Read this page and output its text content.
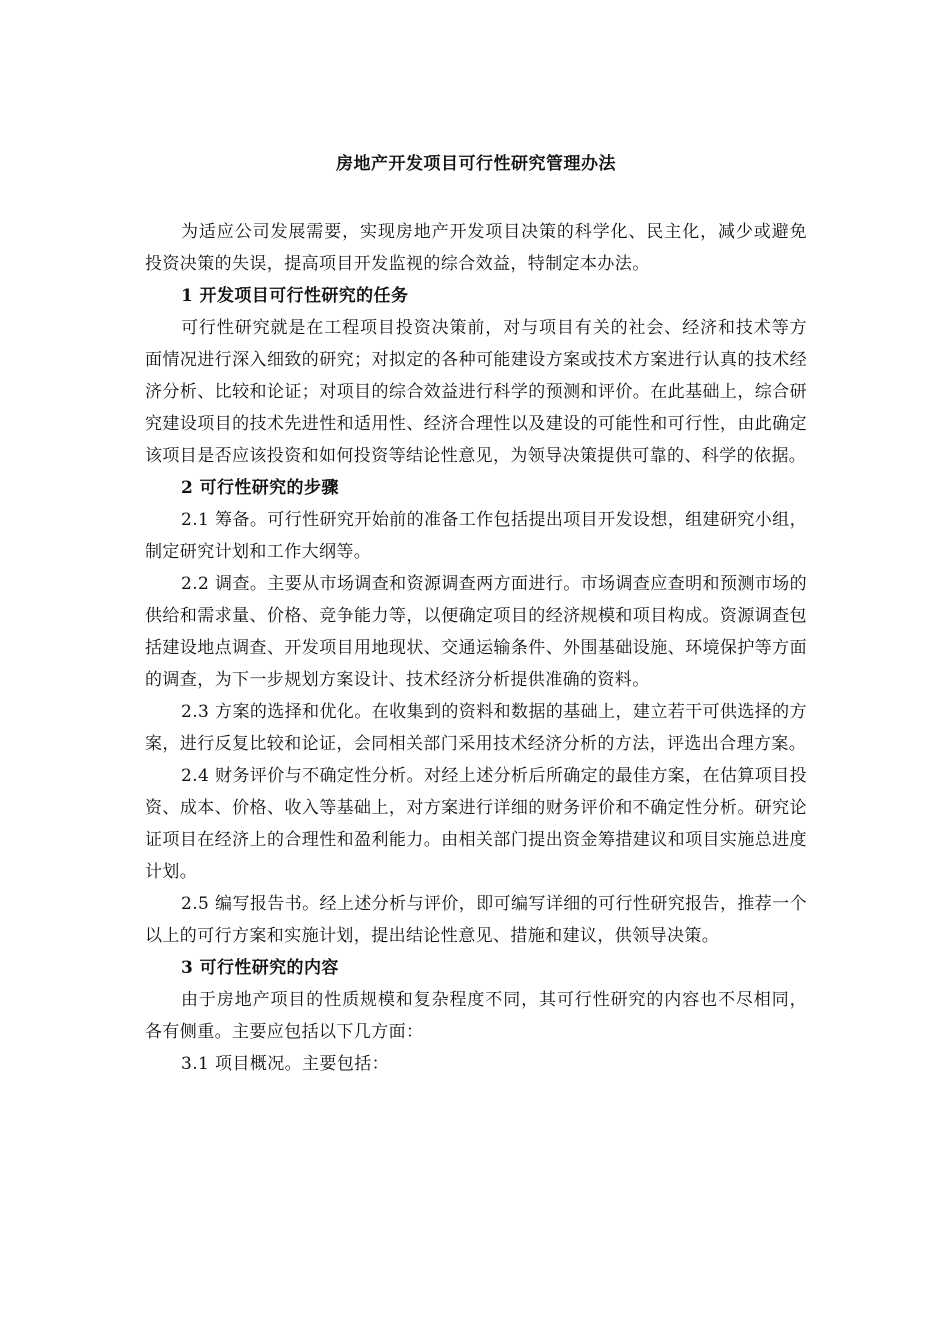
房地产开发项目可行性研究管理办法

为适应公司发展需要，实现房地产开发项目决策的科学化、民主化，减少或避免投资决策的失误，提高项目开发监视的综合效益，特制定本办法。

1 开发项目可行性研究的任务

可行性研究就是在工程项目投资决策前，对与项目有关的社会、经济和技术等方面情况进行深入细致的研究；对拟定的各种可能建设方案或技术方案进行认真的技术经济分析、比较和论证；对项目的综合效益进行科学的预测和评价。在此基础上，综合研究建设项目的技术先进性和适用性、经济合理性以及建设的可能性和可行性，由此确定该项目是否应该投资和如何投资等结论性意见，为领导决策提供可靠的、科学的依据。

2 可行性研究的步骤

2.1 筹备。可行性研究开始前的准备工作包括提出项目开发设想，组建研究小组，制定研究计划和工作大纲等。

2.2 调查。主要从市场调查和资源调查两方面进行。市场调查应查明和预测市场的供给和需求量、价格、竞争能力等，以便确定项目的经济规模和项目构成。资源调查包括建设地点调查、开发项目用地现状、交通运输条件、外围基础设施、环境保护等方面的调查，为下一步规划方案设计、技术经济分析提供准确的资料。

2.3 方案的选择和优化。在收集到的资料和数据的基础上，建立若干可供选择的方案，进行反复比较和论证，会同相关部门采用技术经济分析的方法，评选出合理方案。

2.4 财务评价与不确定性分析。对经上述分析后所确定的最佳方案，在估算项目投资、成本、价格、收入等基础上，对方案进行详细的财务评价和不确定性分析。研究论证项目在经济上的合理性和盈利能力。由相关部门提出资金筹措建议和项目实施总进度计划。

2.5 编写报告书。经上述分析与评价，即可编写详细的可行性研究报告，推荐一个以上的可行方案和实施计划，提出结论性意见、措施和建议，供领导决策。

3 可行性研究的内容

由于房地产项目的性质规模和复杂程度不同，其可行性研究的内容也不尽相同，各有侧重。主要应包括以下几方面：

3.1 项目概况。主要包括：
